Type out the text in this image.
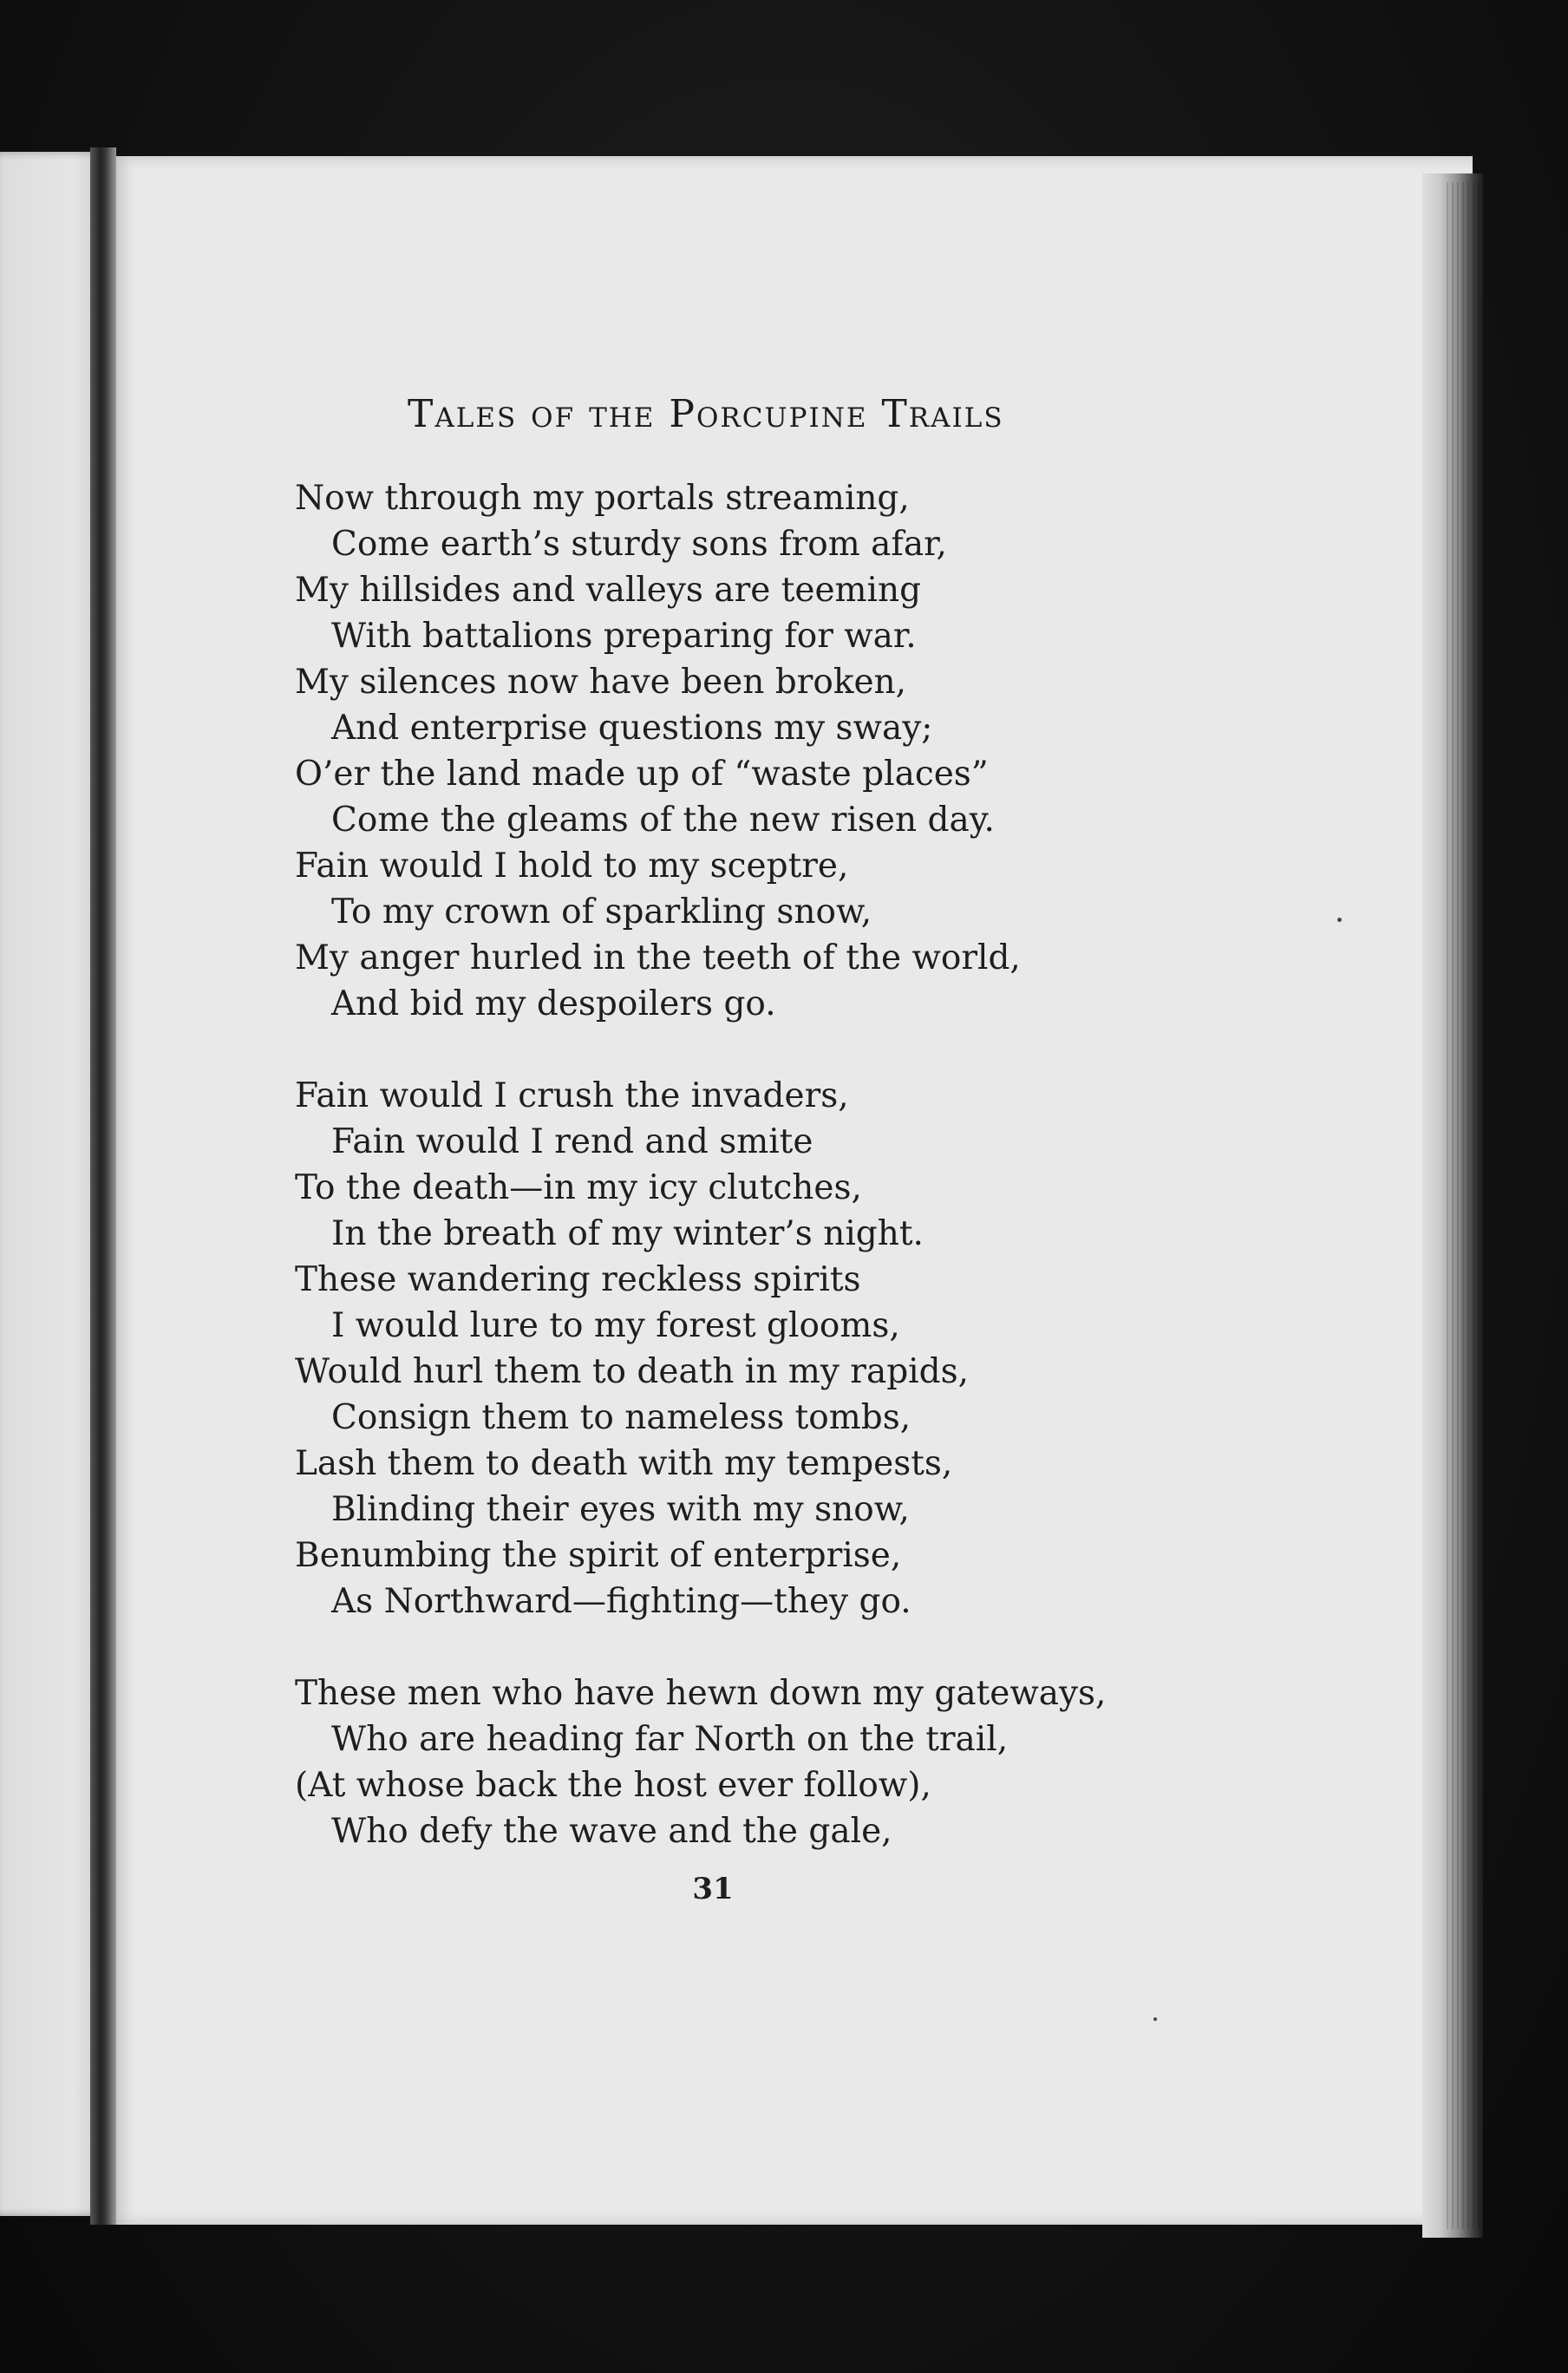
Tales of the Porcupine Trails
Now through my portals streaming,
Come earth’s sturdy sons from afar,
My hillsides and valleys are teeming
With battalions preparing for war.
My silences now have been broken,
And enterprise questions my sway;
O’er the land made up of “waste places”
Come the gleams of the new risen day.
Fain would I hold to my sceptre,
To my crown of sparkling snow,
My anger hurled in the teeth of the world,
And bid my despoilers go.
Fain would I crush the invaders,
Fain would I rend and smite
To the death—in my icy clutches,
In the breath of my winter’s night.
These wandering reckless spirits
I would lure to my forest glooms,
Would hurl them to death in my rapids,
Consign them to nameless tombs,
Lash them to death with my tempests,
Blinding their eyes with my snow,
Benumbing the spirit of enterprise,
As Northward—fighting—they go.
These men who have hewn down my gateways,
Who are heading far North on the trail,
(At whose back the host ever follow),
Who defy the wave and the gale,
31
